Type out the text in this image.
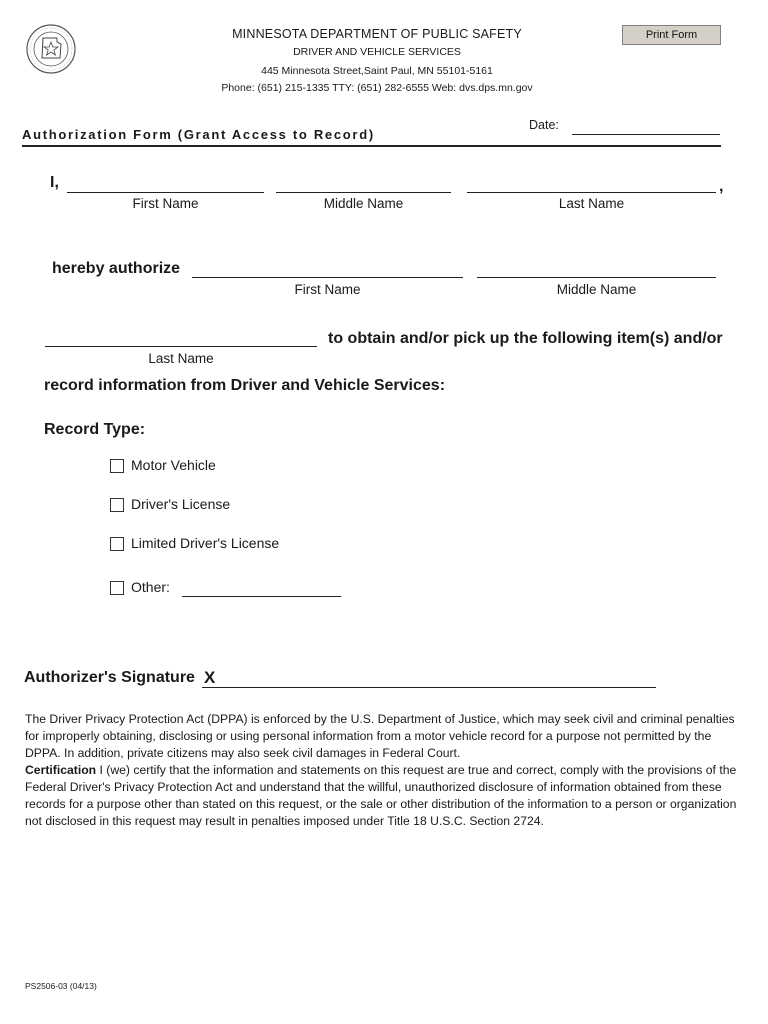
MINNESOTA DEPARTMENT OF PUBLIC SAFETY
DRIVER AND VEHICLE SERVICES
445 Minnesota Street,Saint Paul, MN 55101-5161
Phone: (651) 215-1335 TTY: (651) 282-6555 Web: dvs.dps.mn.gov
Print Form
Authorization Form (Grant Access to Record)
Date:
I,	,
First Name	Middle Name	Last Name
hereby authorize
First Name	Middle Name
Last Name
to obtain and/or pick up the following item(s) and/or
record information from Driver and Vehicle Services:
Record Type:
Motor Vehicle
Driver's License
Limited Driver's License
Other:
Authorizer's Signature X
The Driver Privacy Protection Act (DPPA) is enforced by the U.S. Department of Justice, which may seek civil and criminal penalties for improperly obtaining, disclosing or using personal information from a motor vehicle record for a purpose not permitted by the DPPA. In addition, private citizens may also seek civil damages in Federal Court.
Certification I (we) certify that the information and statements on this request are true and correct, comply with the provisions of the Federal Driver's Privacy Protection Act and understand that the willful, unauthorized disclosure of information obtained from these records for a purpose other than stated on this request, or the sale or other distribution of the information to a person or organization not disclosed in this request may result in penalties imposed under Title 18 U.S.C. Section 2724.
PS2506-03 (04/13)
